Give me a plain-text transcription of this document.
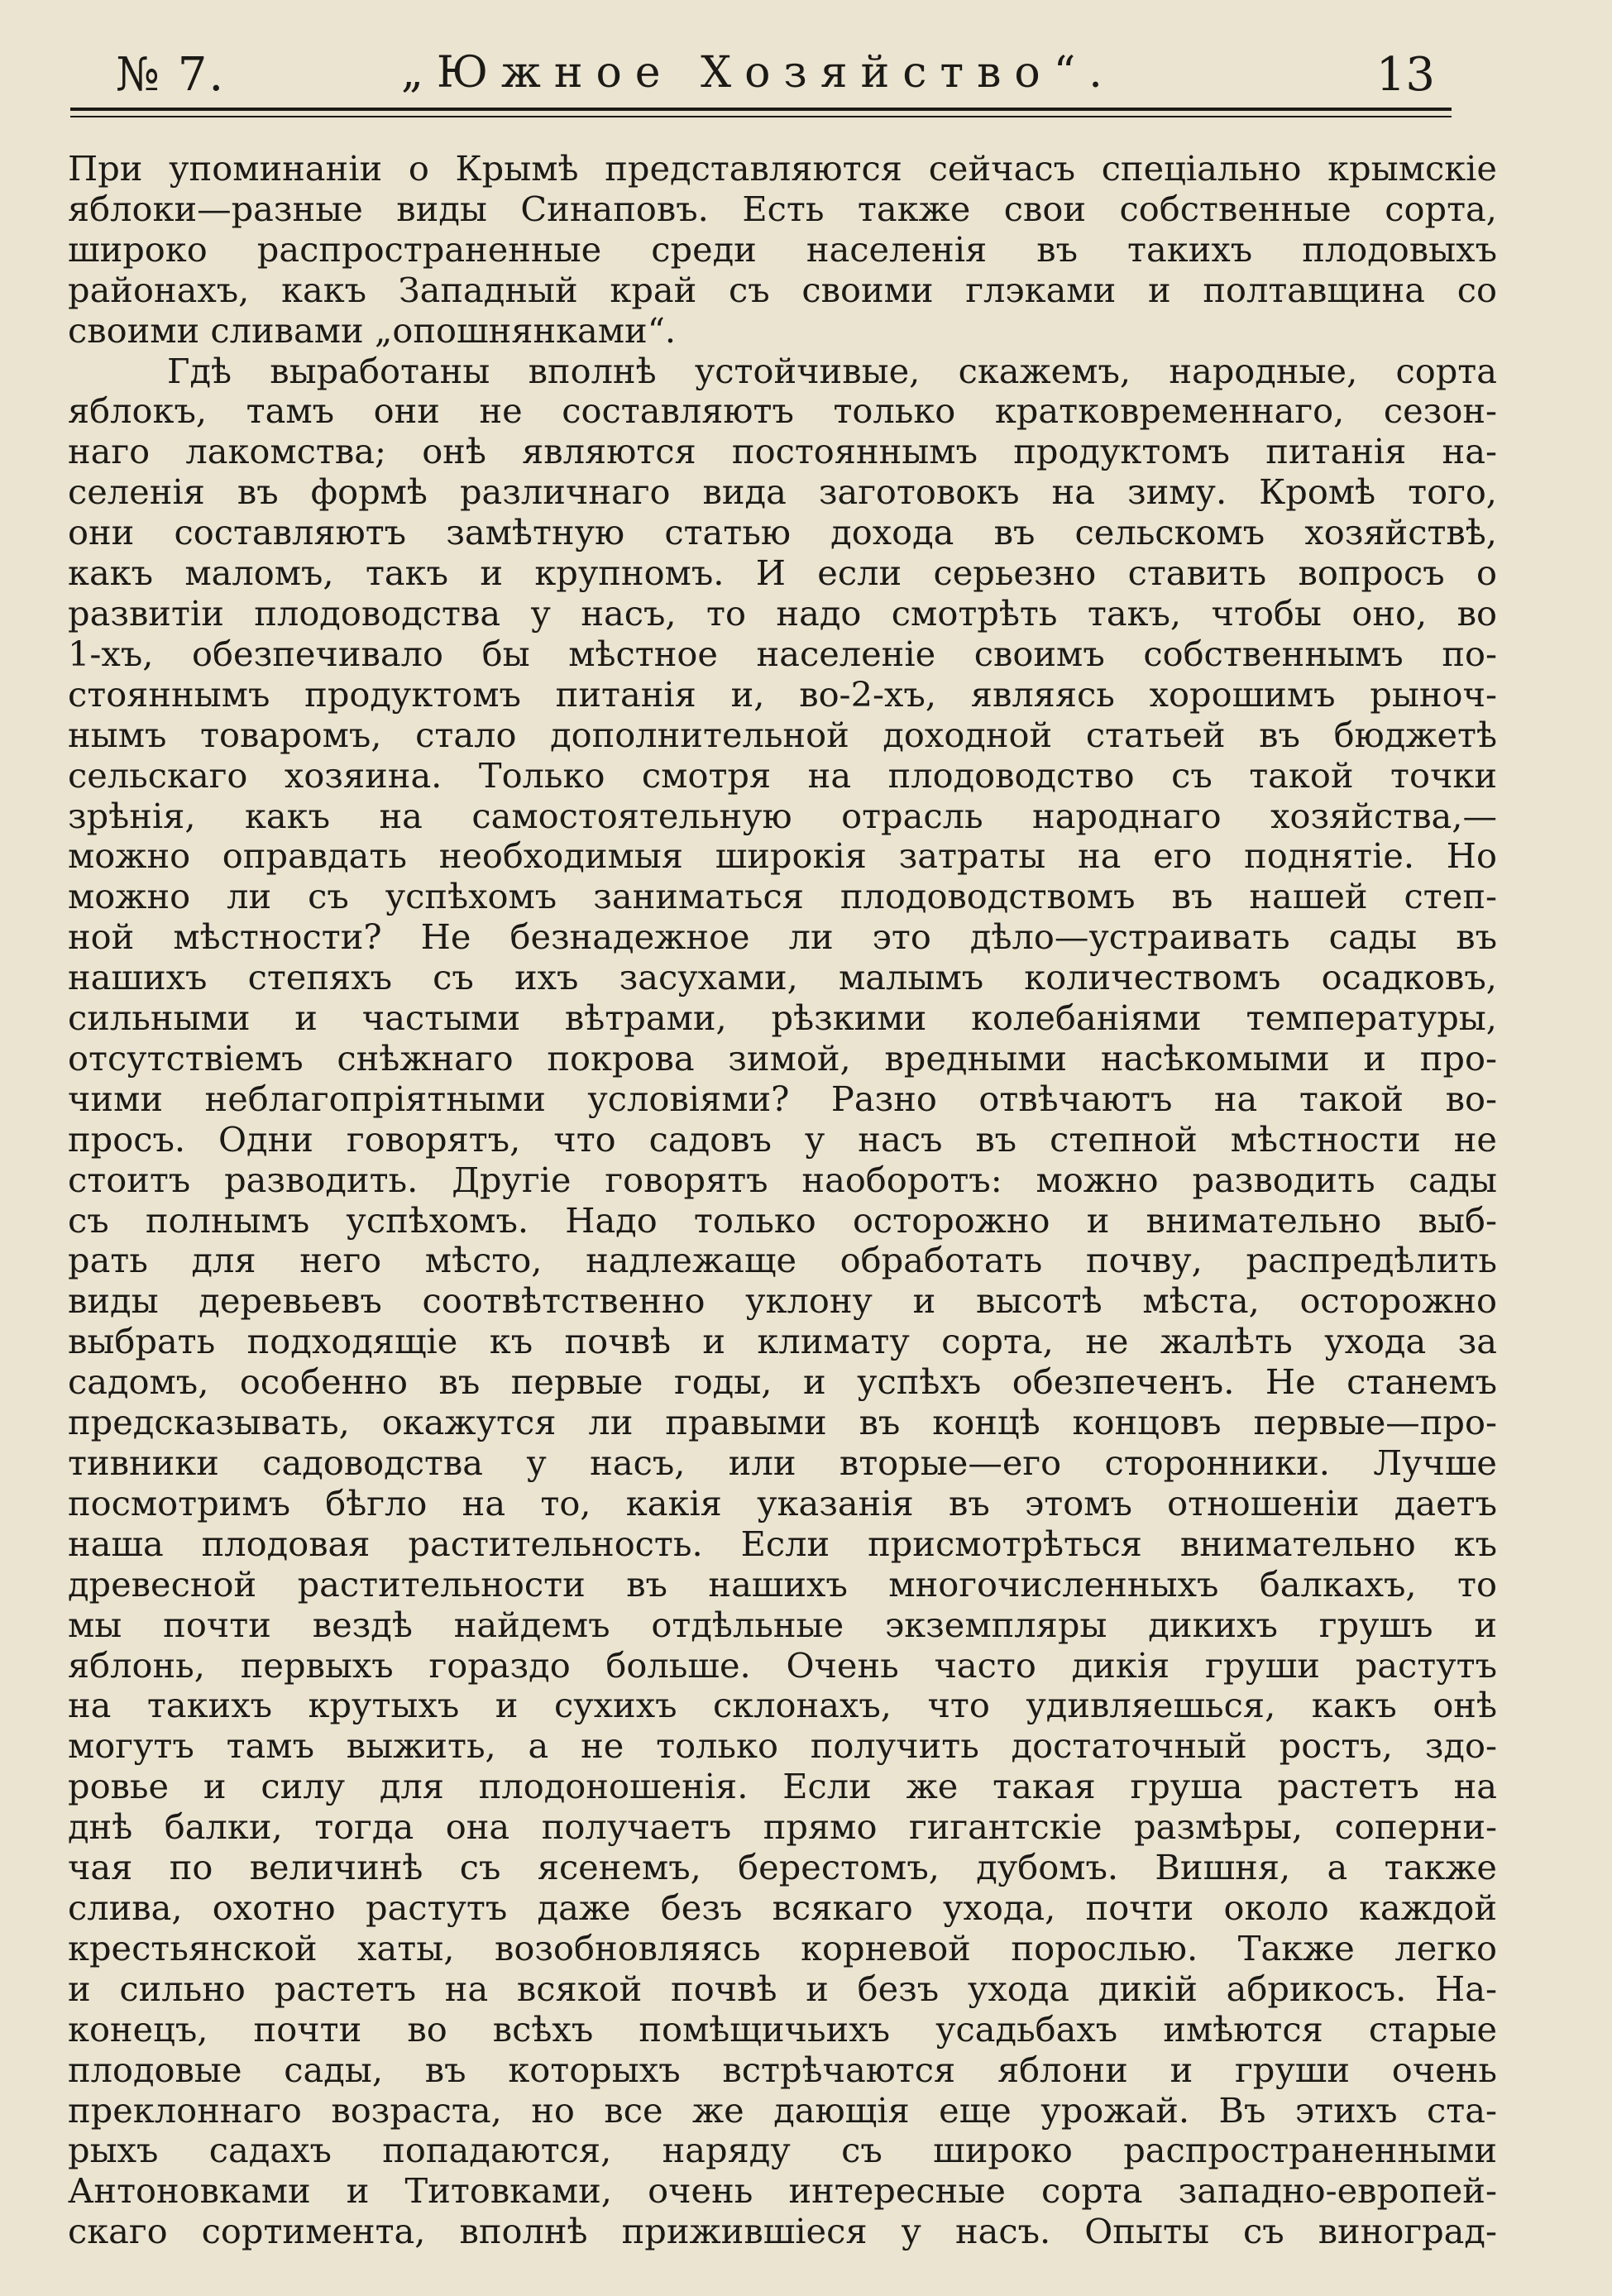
№ 7.	„Южное Хозяйство“.	13
При упоминаніи о Крымѣ представляются сейчасъ спеціально крымскіе
яблоки—разные виды Синаповъ. Есть также свои собственные сорта,
широко распространенные среди населенія въ такихъ плодовыхъ
районахъ, какъ Западный край съ своими глэками и полтавщина со
своими сливами „опошнянками“.
Гдѣ выработаны вполнѣ устойчивые, скажемъ, народные, сорта
яблокъ, тамъ они не составляютъ только кратковременнаго, сезон-
наго лакомства; онѣ являются постояннымъ продуктомъ питанія на-
селенія въ формѣ различнаго вида заготовокъ на зиму. Кромѣ того,
они составляютъ замѣтную статью дохода въ сельскомъ хозяйствѣ,
какъ маломъ, такъ и крупномъ. И если серьезно ставить вопросъ о
развитіи плодоводства у насъ, то надо смотрѣть такъ, чтобы оно, во
1-хъ, обезпечивало бы мѣстное населеніе своимъ собственнымъ по-
стояннымъ продуктомъ питанія и, во-2-хъ, являясь хорошимъ рыноч-
нымъ товаромъ, стало дополнительной доходной статьей въ бюджетѣ
сельскаго хозяина. Только смотря на плодоводство съ такой точки
зрѣнія, какъ на самостоятельную отрасль народнаго хозяйства,—
можно оправдать необходимыя широкія затраты на его поднятіе. Но
можно ли съ успѣхомъ заниматься плодоводствомъ въ нашей степ-
ной мѣстности? Не безнадежное ли это дѣло—устраивать сады въ
нашихъ степяхъ съ ихъ засухами, малымъ количествомъ осадковъ,
сильными и частыми вѣтрами, рѣзкими колебаніями температуры,
отсутствіемъ снѣжнаго покрова зимой, вредными насѣкомыми и про-
чими неблагопріятными условіями? Разно отвѣчаютъ на такой во-
просъ. Одни говорятъ, что садовъ у насъ въ степной мѣстности не
стоитъ разводить. Другіе говорятъ наоборотъ: можно разводить сады
съ полнымъ успѣхомъ. Надо только осторожно и внимательно выб-
рать для него мѣсто, надлежаще обработать почву, распредѣлить
виды деревьевъ соотвѣтственно уклону и высотѣ мѣста, осторожно
выбрать подходящіе къ почвѣ и климату сорта, не жалѣть ухода за
садомъ, особенно въ первые годы, и успѣхъ обезпеченъ. Не станемъ
предсказывать, окажутся ли правыми въ концѣ концовъ первые—про-
тивники садоводства у насъ, или вторые—его сторонники. Лучше
посмотримъ бѣгло на то, какія указанія въ этомъ отношеніи даетъ
наша плодовая растительность. Если присмотрѣться внимательно къ
древесной растительности въ нашихъ многочисленныхъ балкахъ, то
мы почти вездѣ найдемъ отдѣльные экземпляры дикихъ грушъ и
яблонь, первыхъ гораздо больше. Очень часто дикія груши растутъ
на такихъ крутыхъ и сухихъ склонахъ, что удивляешься, какъ онѣ
могутъ тамъ выжить, а не только получить достаточный ростъ, здо-
ровье и силу для плодоношенія. Если же такая груша растетъ на
днѣ балки, тогда она получаетъ прямо гигантскіе размѣры, соперни-
чая по величинѣ съ ясенемъ, берестомъ, дубомъ. Вишня, а также
слива, охотно растутъ даже безъ всякаго ухода, почти около каждой
крестьянской хаты, возобновляясь корневой порослью. Также легко
и сильно растетъ на всякой почвѣ и безъ ухода дикій абрикосъ. На-
конецъ, почти во всѣхъ помѣщичьихъ усадьбахъ имѣются старые
плодовые сады, въ которыхъ встрѣчаются яблони и груши очень
преклоннаго возраста, но все же дающія еще урожай. Въ этихъ ста-
рыхъ садахъ попадаются, наряду съ широко распространенными
Антоновками и Титовками, очень интересные сорта западно-европей-
скаго сортимента, вполнѣ прижившіеся у насъ. Опыты съ виноград-
